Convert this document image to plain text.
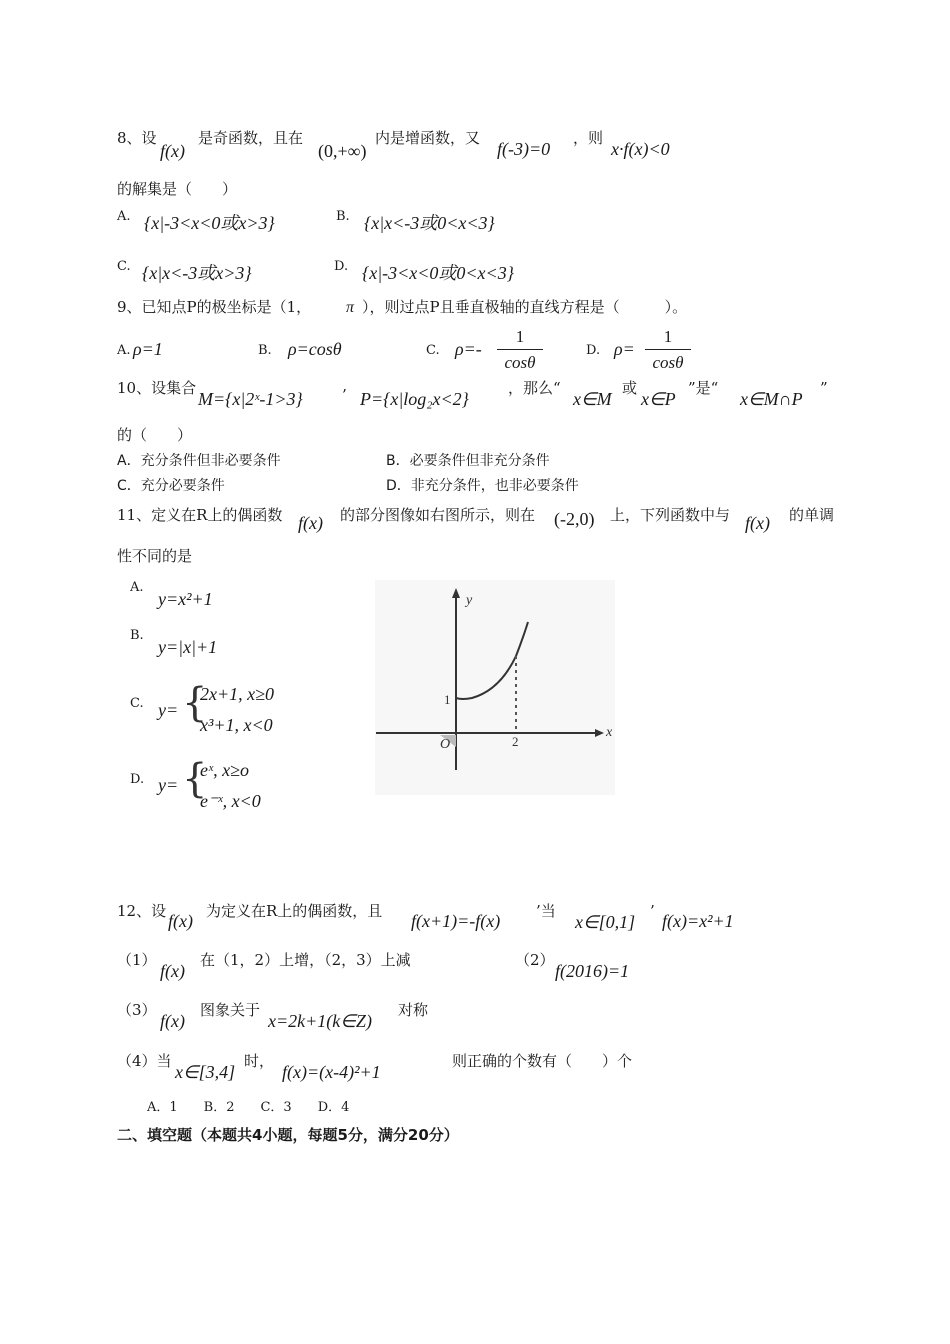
8、设
f(x)
是奇函数，且在
(0,+∞)
内是增函数，又
f(-3)=0
，则
x·f(x)<0
的解集是（　　）
A. {x|-3<x<0或x>3}	B. {x|x<-3或0<x<3}
C. {x|x<-3或x>3}	D. {x|-3<x<0或0<x<3}
9、已知点P的极坐标是（1， π ），则过点P且垂直极轴的直线方程是（　　　）。
A. ρ=1	B. ρ=cosθ	C. $\rho=- \frac{1}{\cos\theta}$	D. $\rho= \frac{1}{\cos\theta}$
10、设集合
M={x|2ˣ-1>3}	’ P={x|log₂x<2}
，那么“
x∈M
或
x∈P
”是“
x∈M∩P
”
的（　　）
A．充分条件但非必要条件	B．必要条件但非充分条件
C．充分必要条件	D．非充分条件，也非必要条件
11、定义在R上的偶函数 f(x) 的部分图像如右图所示，则在 (-2,0) 上，下列函数中与 f(x) 的单调
性不同的是
A.
y=x²+1
B.
y=|x|+1
C. y= {
2x+1, x≥0
x³+1, x<0
D. y= {
eˣ, x≥o
e⁻ˣ, x<0
y
x
O
1
2
12、设 f(x) 为定义在R上的偶函数，且 f(x+1)=-f(x) ’当
x∈[0,1]
’ f(x)=x²+1
（1）
f(x)
在（1，2）上增，（2，3）上减	（2）
f(2016)=1
（3）
f(x)
图象关于
x=2k+1(k∈Z)
对称
（4）当
x∈[3,4]
时，
f(x)=(x-4)²+1
则正确的个数有（　　）个
A．1　　B．2　　C．3　　D．4
二、填空题（本题共4小题，每题5分，满分20分）
